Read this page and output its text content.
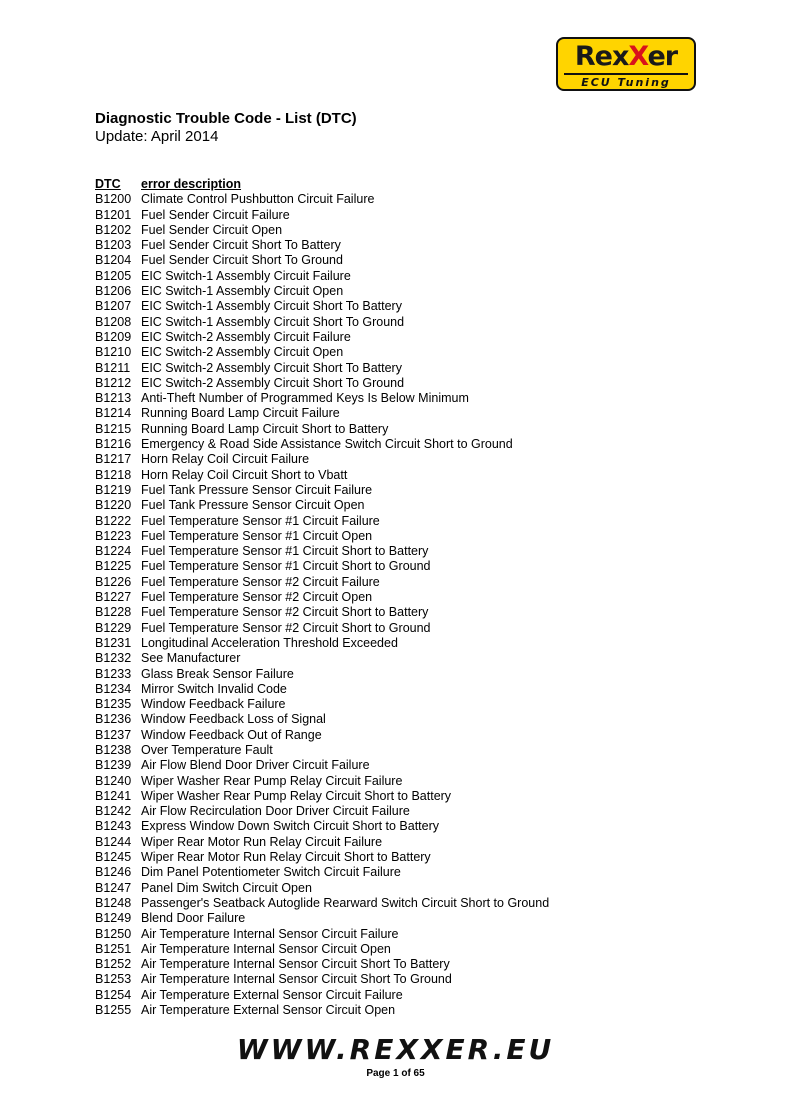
RexXer
ECU Tuning
Diagnostic Trouble Code - List (DTC)
Update: April 2014
DTC	error description
B1200 Climate Control Pushbutton Circuit Failure
B1201 Fuel Sender Circuit Failure
B1202 Fuel Sender Circuit Open
B1203 Fuel Sender Circuit Short To Battery
B1204 Fuel Sender Circuit Short To Ground
B1205 EIC Switch-1 Assembly Circuit Failure
B1206 EIC Switch-1 Assembly Circuit Open
B1207 EIC Switch-1 Assembly Circuit Short To Battery
B1208 EIC Switch-1 Assembly Circuit Short To Ground
B1209 EIC Switch-2 Assembly Circuit Failure
B1210 EIC Switch-2 Assembly Circuit Open
B1211 EIC Switch-2 Assembly Circuit Short To Battery
B1212 EIC Switch-2 Assembly Circuit Short To Ground
B1213 Anti-Theft Number of Programmed Keys Is Below Minimum
B1214 Running Board Lamp Circuit Failure
B1215 Running Board Lamp Circuit Short to Battery
B1216 Emergency & Road Side Assistance Switch Circuit Short to Ground
B1217 Horn Relay Coil Circuit Failure
B1218 Horn Relay Coil Circuit Short to Vbatt
B1219 Fuel Tank Pressure Sensor Circuit Failure
B1220 Fuel Tank Pressure Sensor Circuit Open
B1222 Fuel Temperature Sensor #1 Circuit Failure
B1223 Fuel Temperature Sensor #1 Circuit Open
B1224 Fuel Temperature Sensor #1 Circuit Short to Battery
B1225 Fuel Temperature Sensor #1 Circuit Short to Ground
B1226 Fuel Temperature Sensor #2 Circuit Failure
B1227 Fuel Temperature Sensor #2 Circuit Open
B1228 Fuel Temperature Sensor #2 Circuit Short to Battery
B1229 Fuel Temperature Sensor #2 Circuit Short to Ground
B1231 Longitudinal Acceleration Threshold Exceeded
B1232 See Manufacturer
B1233 Glass Break Sensor Failure
B1234 Mirror Switch Invalid Code
B1235 Window Feedback Failure
B1236 Window Feedback Loss of Signal
B1237 Window Feedback Out of Range
B1238 Over Temperature Fault
B1239 Air Flow Blend Door Driver Circuit Failure
B1240 Wiper Washer Rear Pump Relay Circuit Failure
B1241 Wiper Washer Rear Pump Relay Circuit Short to Battery
B1242 Air Flow Recirculation Door Driver Circuit Failure
B1243 Express Window Down Switch Circuit Short to Battery
B1244 Wiper Rear Motor Run Relay Circuit Failure
B1245 Wiper Rear Motor Run Relay Circuit Short to Battery
B1246 Dim Panel Potentiometer Switch Circuit Failure
B1247 Panel Dim Switch Circuit Open
B1248 Passenger's Seatback Autoglide Rearward Switch Circuit Short to Ground
B1249 Blend Door Failure
B1250 Air Temperature Internal Sensor Circuit Failure
B1251 Air Temperature Internal Sensor Circuit Open
B1252 Air Temperature Internal Sensor Circuit Short To Battery
B1253 Air Temperature Internal Sensor Circuit Short To Ground
B1254 Air Temperature External Sensor Circuit Failure
B1255 Air Temperature External Sensor Circuit Open
WWW.REXXER.EU
Page 1 of 65
